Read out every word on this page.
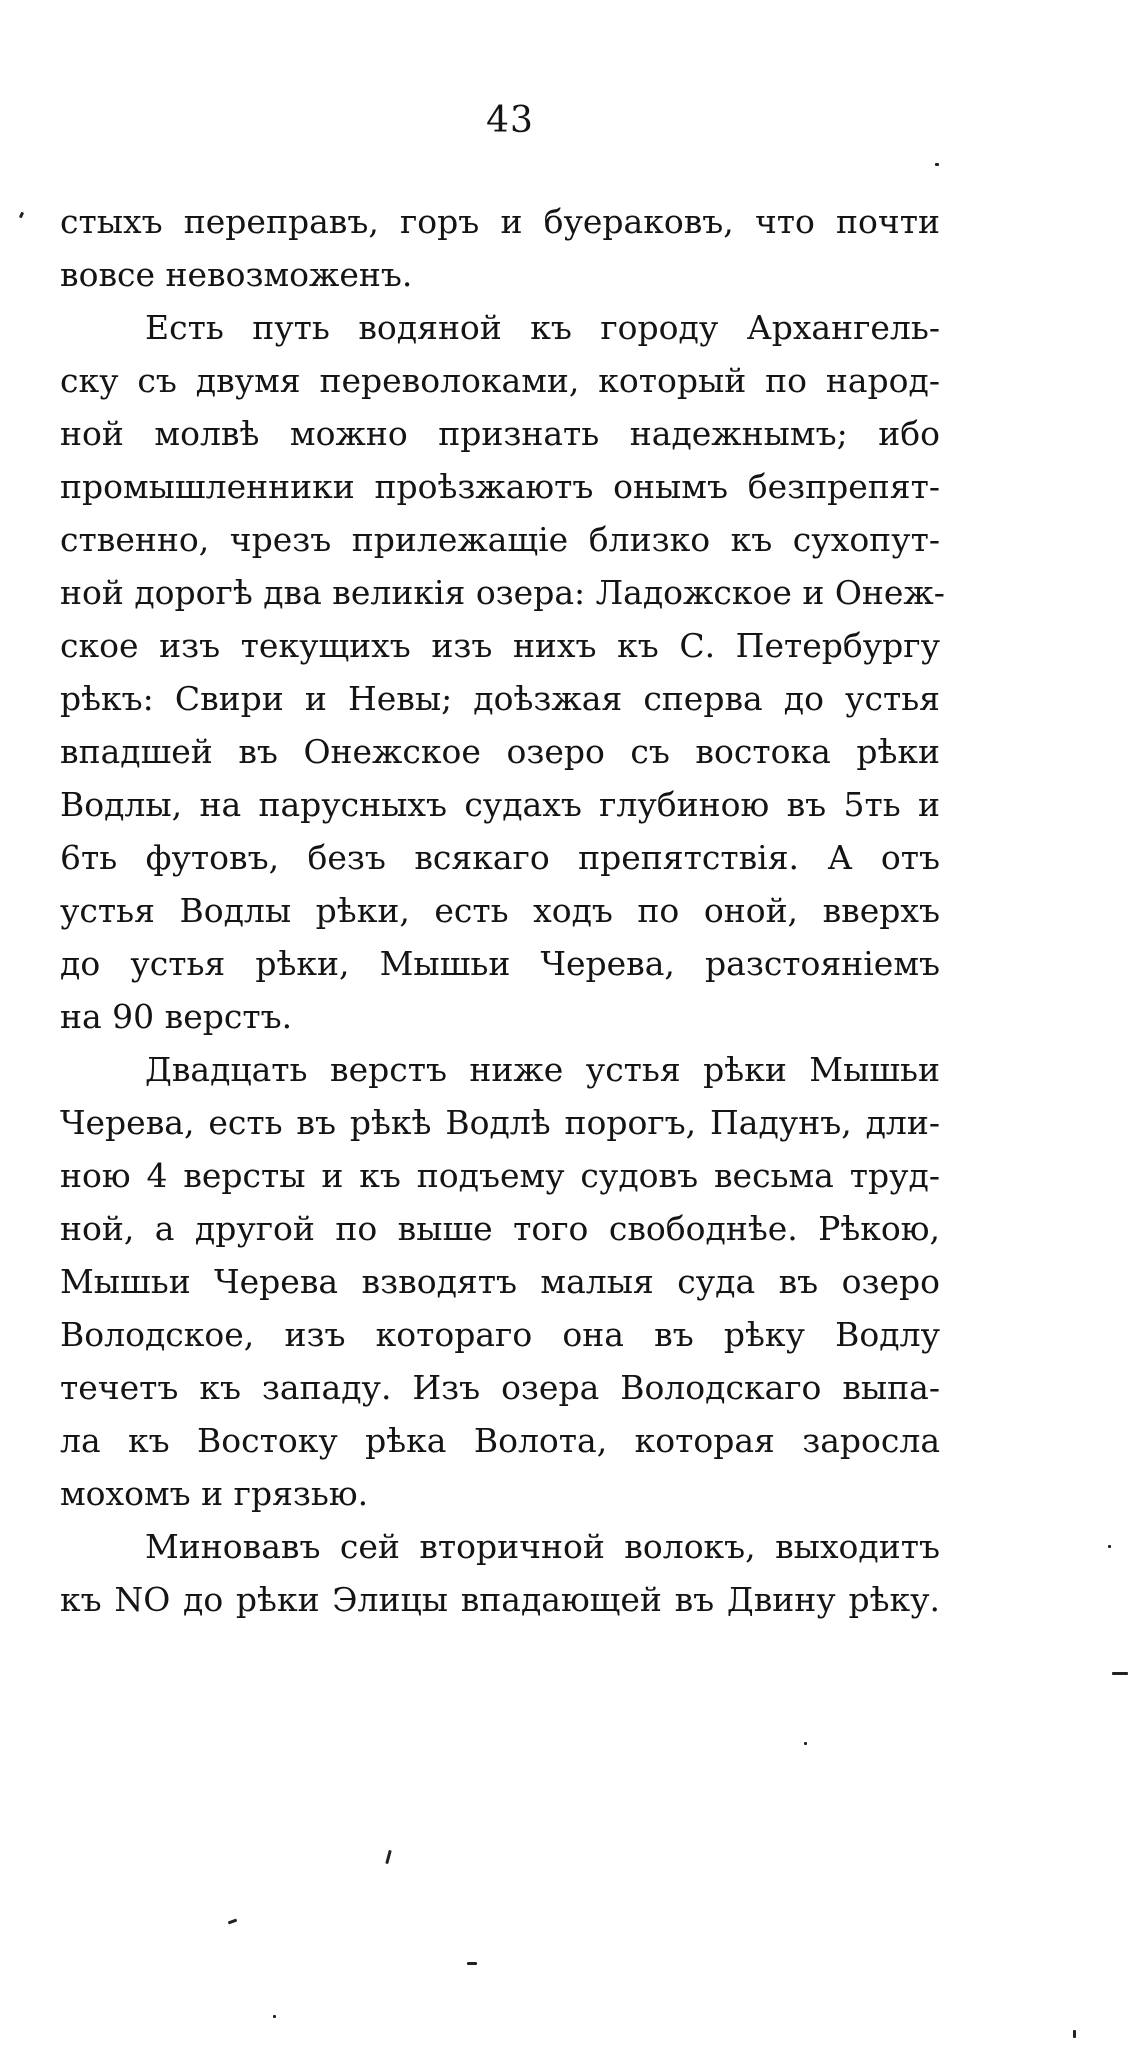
43
стыхъ переправъ, горъ и буераковъ, что почти
вовсе невозможенъ.
Есть путь водяной къ городу Архангель-
ску съ двумя переволоками, который по народ-
ной молвѣ можно признать надежнымъ; ибо
промышленники проѣзжаютъ онымъ безпрепят-
ственно, чрезъ прилежащіе близко къ сухопут-
ной дорогѣ два великія озера: Ладожское и Онеж-
ское изъ текущихъ изъ нихъ къ С. Петербургу
рѣкъ: Свири и Невы; доѣзжая сперва до устья
впадшей въ Онежское озеро съ востока рѣки
Водлы, на парусныхъ судахъ глубиною въ 5ть и
6ть футовъ, безъ всякаго препятствія. А отъ
устья Водлы рѣки, есть ходъ по оной, вверхъ
до устья рѣки, Мышьи Черева, разстояніемъ
на 90 верстъ.
Двадцать верстъ ниже устья рѣки Мышьи
Черева, есть въ рѣкѣ Водлѣ порогъ, Падунъ, дли-
ною 4 версты и къ подъему судовъ весьма труд-
ной, а другой по выше того свободнѣе. Рѣкою,
Мышьи Черева взводятъ малыя суда въ озеро
Володское, изъ котораго она въ рѣку Водлу
течетъ къ западу. Изъ озера Володскаго выпа-
ла къ Востоку рѣка Волота, которая заросла
мохомъ и грязью.
Миновавъ сей вторичной волокъ, выходитъ
къ NO до рѣки Элицы впадающей въ Двину рѣку.
